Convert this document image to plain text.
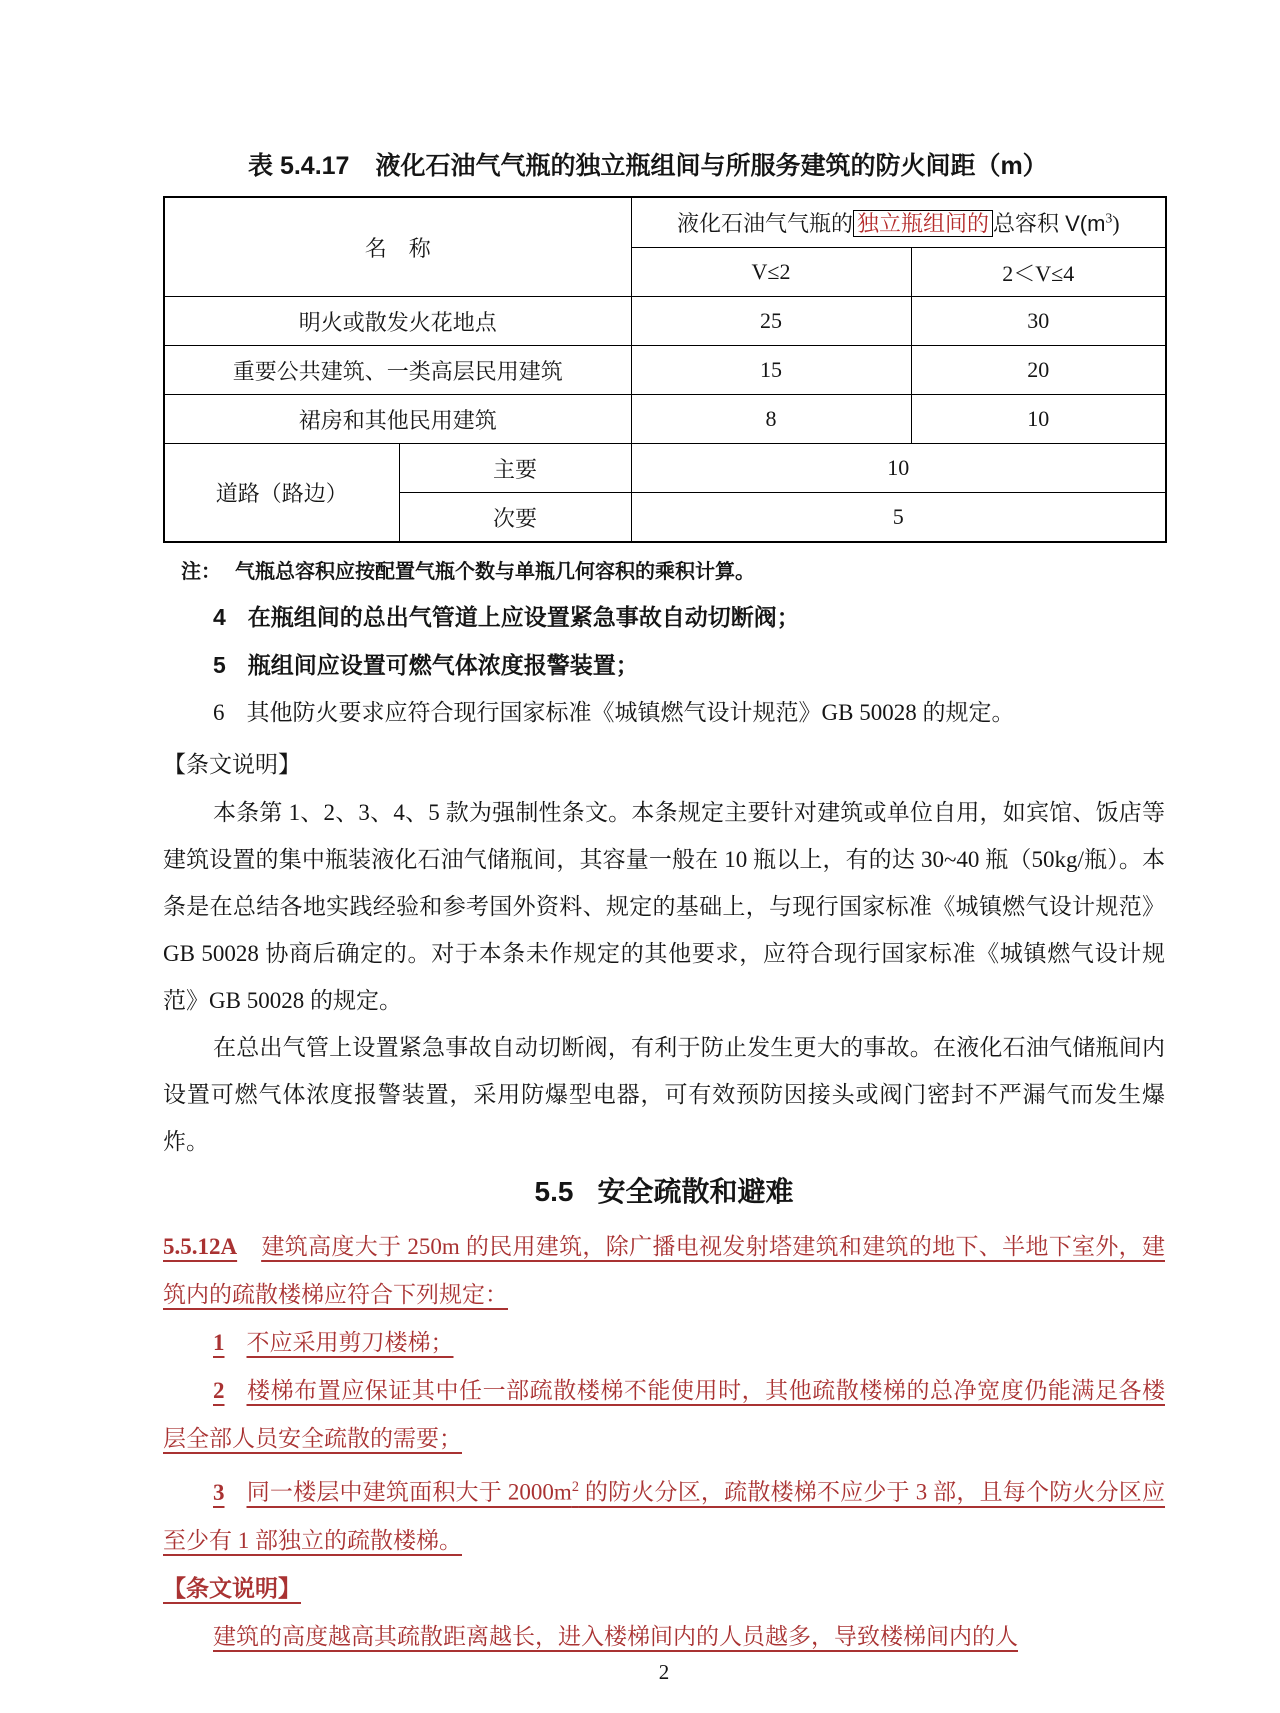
表 5.4.17 液化石油气气瓶的独立瓶组间与所服务建筑的防火间距（m）
名　称		液化石油气气瓶的 独立瓶组间的 总容积 $V(m^3)$	
		V≤2	2＜V≤4
明火或散发火花地点		25	30
重要公共建筑、一类高层民用建筑		15	20
裙房和其他民用建筑		8	10
道路（路边）	主要	10	
	次要	5	
注： 气瓶总容积应按配置气瓶个数与单瓶几何容积的乘积计算。
4 在瓶组间的总出气管道上应设置紧急事故自动切断阀；
5 瓶组间应设置可燃气体浓度报警装置；
6 其他防火要求应符合现行国家标准《城镇燃气设计规范》GB 50028 的规定。
【条文说明】

本条第 1、2、3、4、5 款为强制性条文。本条规定主要针对建筑或单位自用，如宾馆、饭店等建筑设置的集中瓶装液化石油气储瓶间，其容量一般在 10 瓶以上，有的达 30~40 瓶（50kg/瓶）。本条是在总结各地实践经验和参考国外资料、规定的基础上，与现行国家标准《城镇燃气设计规范》GB 50028 协商后确定的。对于本条未作规定的其他要求，应符合现行国家标准《城镇燃气设计规范》GB 50028 的规定。

在总出气管上设置紧急事故自动切断阀，有利于防止发生更大的事故。在液化石油气储瓶间内设置可燃气体浓度报警装置，采用防爆型电器，可有效预防因接头或阀门密封不严漏气而发生爆炸。

5.5 安全疏散和避难
5.5.12A 建筑高度大于 250m 的民用建筑，除广播电视发射塔建筑和建筑的地下、半地下室外，建筑内的疏散楼梯应符合下列规定：
1 不应采用剪刀楼梯；
2 楼梯布置应保证其中任一部疏散楼梯不能使用时，其他疏散楼梯的总净宽度仍能满足各楼层全部人员安全疏散的需要；
3 同一楼层中建筑面积大于 $2000m^2$ 的防火分区，疏散楼梯不应少于 3 部，且每个防火分区应至少有 1 部独立的疏散楼梯。
【条文说明】
建筑的高度越高其疏散距离越长，进入楼梯间内的人员越多，导致楼梯间内的人
2
